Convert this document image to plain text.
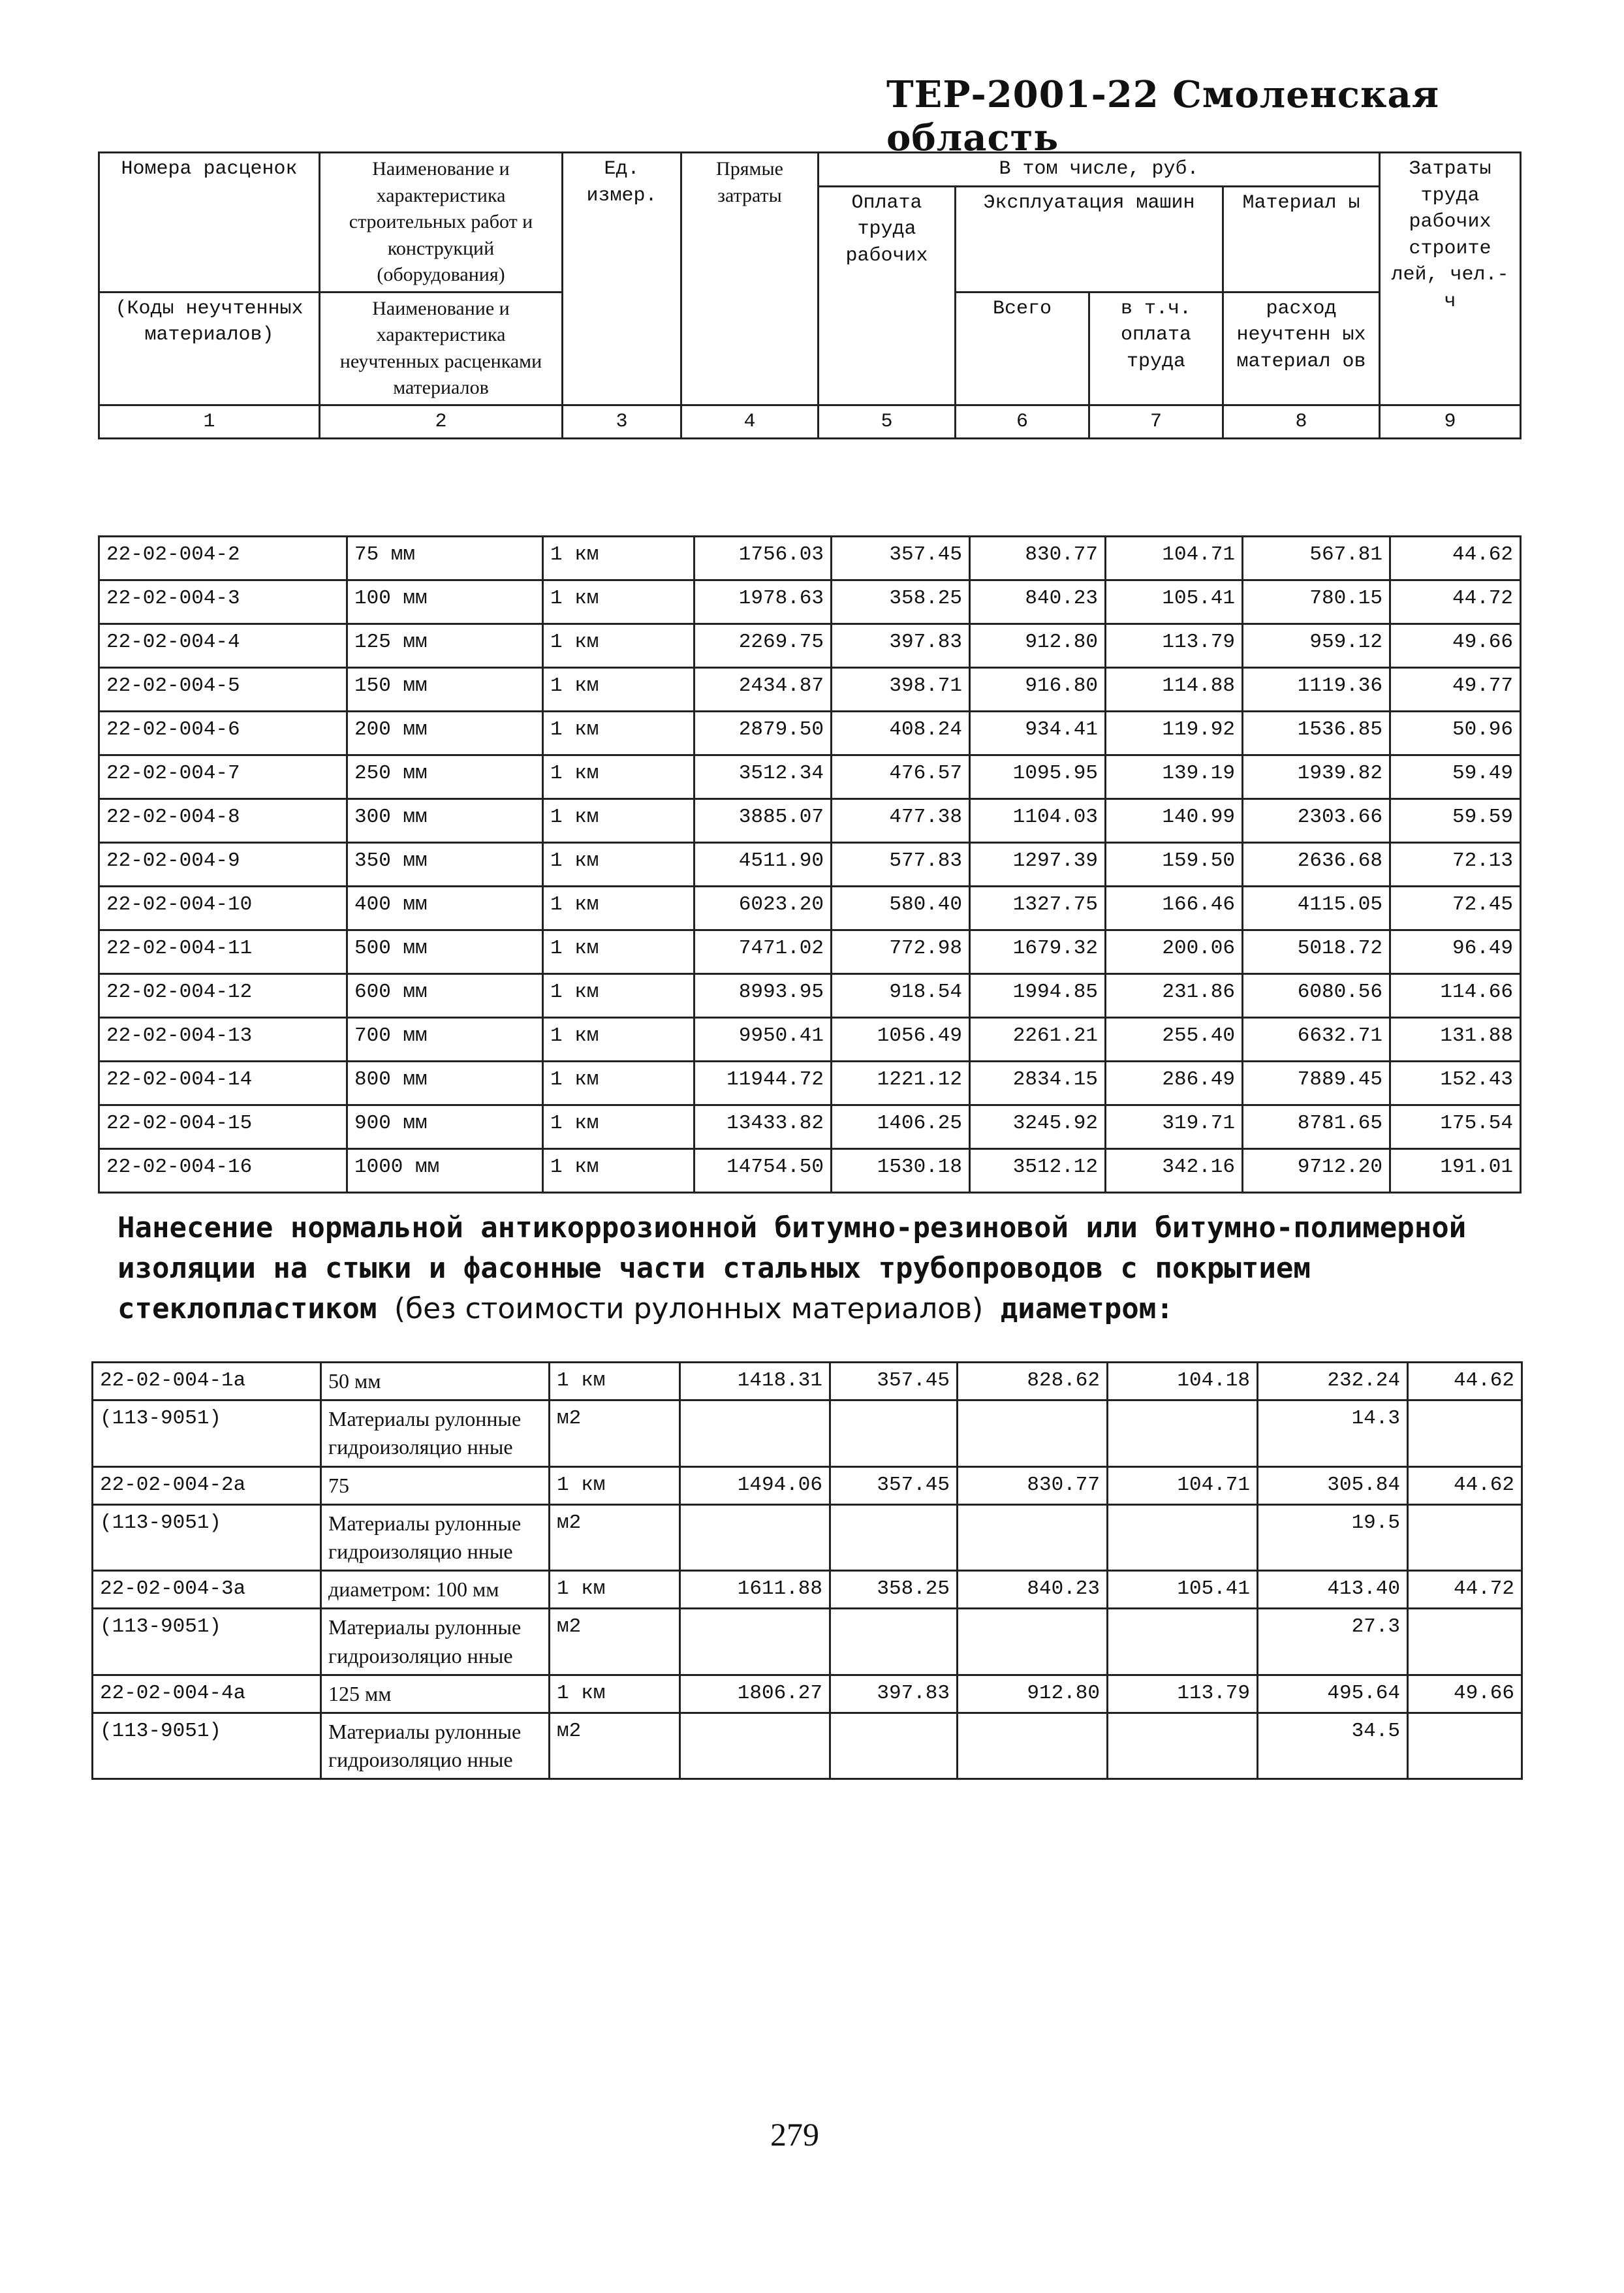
ТЕР-2001-22 Смоленская область
Номера расценок	Наименование и характеристика строительных работ и конструкций (оборудования)	Ед. измер.	Прямые затраты	В том числе, руб.				Затраты труда рабочих строите лей, чел.-ч
				Оплата труда рабочих	Эксплуатация машин		Материал ы	
(Коды неучтенных материалов)	Наименование и характеристика неучтенных расценками материалов				Всего	в т.ч. оплата труда	расход неучтенн ых материал ов	
1	2	3	4	5	6	7	8	9
22-02-004-2	75 мм	1 км	1756.03	357.45	830.77	104.71	567.81	44.62
22-02-004-3	100 мм	1 км	1978.63	358.25	840.23	105.41	780.15	44.72
22-02-004-4	125 мм	1 км	2269.75	397.83	912.80	113.79	959.12	49.66
22-02-004-5	150 мм	1 км	2434.87	398.71	916.80	114.88	1119.36	49.77
22-02-004-6	200 мм	1 км	2879.50	408.24	934.41	119.92	1536.85	50.96
22-02-004-7	250 мм	1 км	3512.34	476.57	1095.95	139.19	1939.82	59.49
22-02-004-8	300 мм	1 км	3885.07	477.38	1104.03	140.99	2303.66	59.59
22-02-004-9	350 мм	1 км	4511.90	577.83	1297.39	159.50	2636.68	72.13
22-02-004-10	400 мм	1 км	6023.20	580.40	1327.75	166.46	4115.05	72.45
22-02-004-11	500 мм	1 км	7471.02	772.98	1679.32	200.06	5018.72	96.49
22-02-004-12	600 мм	1 км	8993.95	918.54	1994.85	231.86	6080.56	114.66
22-02-004-13	700 мм	1 км	9950.41	1056.49	2261.21	255.40	6632.71	131.88
22-02-004-14	800 мм	1 км	11944.72	1221.12	2834.15	286.49	7889.45	152.43
22-02-004-15	900 мм	1 км	13433.82	1406.25	3245.92	319.71	8781.65	175.54
22-02-004-16	1000 мм	1 км	14754.50	1530.18	3512.12	342.16	9712.20	191.01
Нанесение нормальной антикоррозионной битумно-резиновой или битумно-полимерной изоляции на стыки и фасонные части стальных трубопроводов с покрытием стеклопластиком (без стоимости рулонных материалов) диаметром:
22-02-004-1а	50 мм	1 км	1418.31	357.45	828.62	104.18	232.24	44.62
(113-9051)	Материалы рулонные гидроизоляцио нные	м2					14.3	
22-02-004-2а	75	1 км	1494.06	357.45	830.77	104.71	305.84	44.62
(113-9051)	Материалы рулонные гидроизоляцио нные	м2					19.5	
22-02-004-3а	диаметром: 100 мм	1 км	1611.88	358.25	840.23	105.41	413.40	44.72
(113-9051)	Материалы рулонные гидроизоляцио нные	м2					27.3	
22-02-004-4а	125 мм	1 км	1806.27	397.83	912.80	113.79	495.64	49.66
(113-9051)	Материалы рулонные гидроизоляцио нные	м2					34.5	
279
